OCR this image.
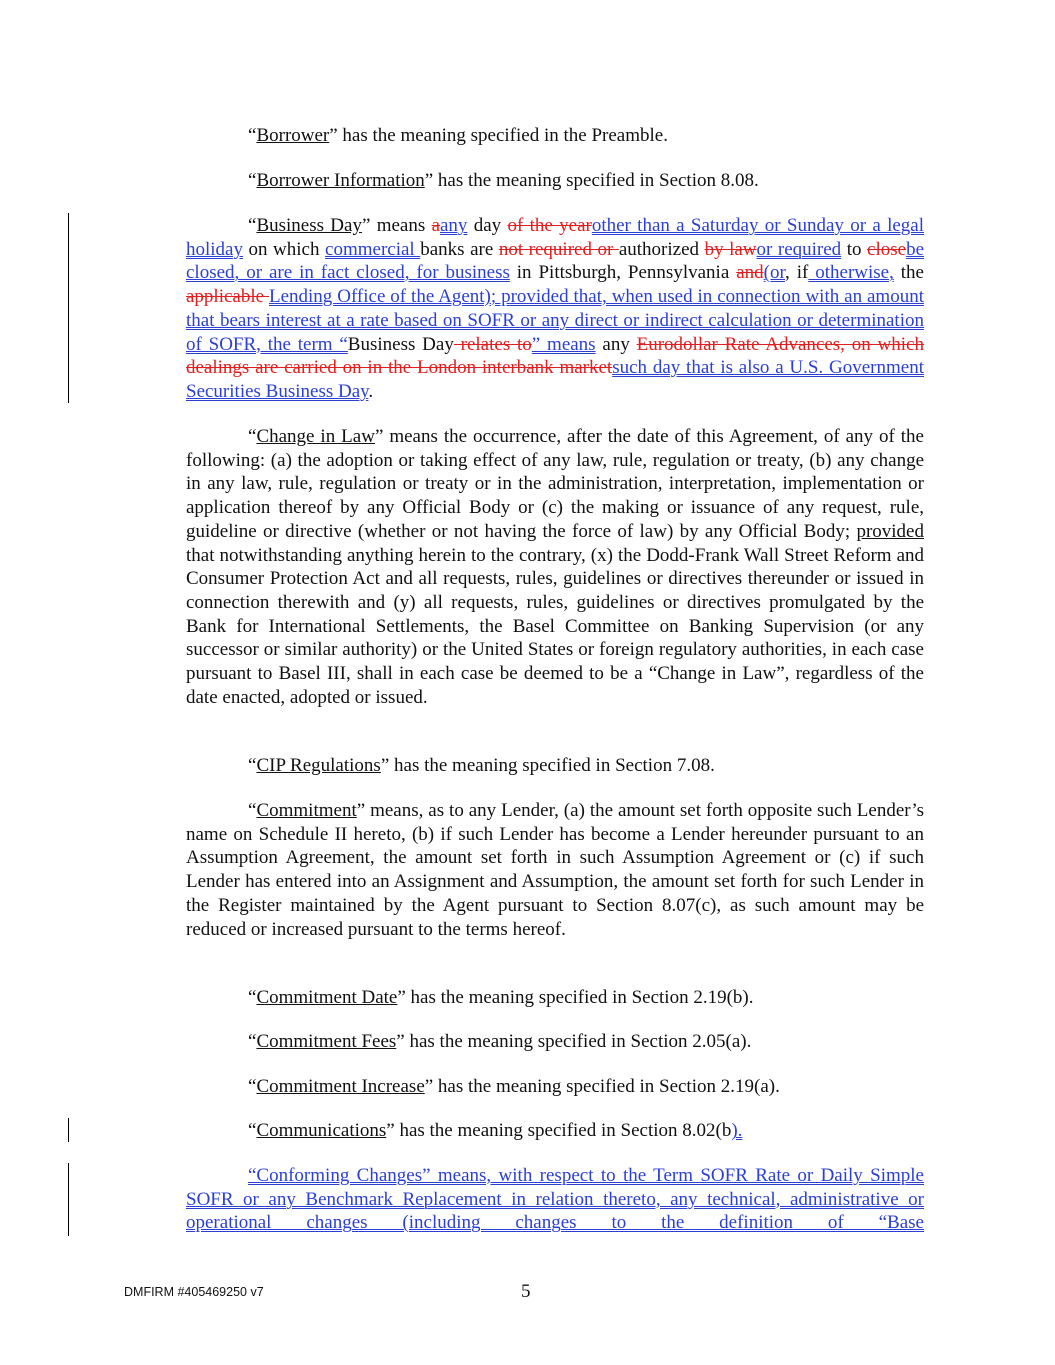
“Borrower” has the meaning specified in the Preamble.

“Borrower Information” has the meaning specified in Section 8.08.

“Business Day” means aany day of the yearother than a Saturday or Sunday or a legal holiday on which commercial banks are not required or authorized by lawor required to closebe closed, or are in fact closed, for business in Pittsburgh, Pennsylvania and(or, if otherwise, the applicable Lending Office of the Agent); provided that, when used in connection with an amount that bears interest at a rate based on SOFR or any direct or indirect calculation or determination of SOFR, the term “Business Day relates to” means any Eurodollar Rate Advances, on which dealings are carried on in the London interbank marketsuch day that is also a U.S. Government Securities Business Day.

“Change in Law” means the occurrence, after the date of this Agreement, of any of the following: (a) the adoption or taking effect of any law, rule, regulation or treaty, (b) any change in any law, rule, regulation or treaty or in the administration, interpretation, implementation or application thereof by any Official Body or (c) the making or issuance of any request, rule, guideline or directive (whether or not having the force of law) by any Official Body; provided that notwithstanding anything herein to the contrary, (x) the Dodd-Frank Wall Street Reform and Consumer Protection Act and all requests, rules, guidelines or directives thereunder or issued in connection therewith and (y) all requests, rules, guidelines or directives promulgated by the Bank for International Settlements, the Basel Committee on Banking Supervision (or any successor or similar authority) or the United States or foreign regulatory authorities, in each case pursuant to Basel III, shall in each case be deemed to be a “Change in Law”, regardless of the date enacted, adopted or issued.

“CIP Regulations” has the meaning specified in Section 7.08.

“Commitment” means, as to any Lender, (a) the amount set forth opposite such Lender’s name on Schedule II hereto, (b) if such Lender has become a Lender hereunder pursuant to an Assumption Agreement, the amount set forth in such Assumption Agreement or (c) if such Lender has entered into an Assignment and Assumption, the amount set forth for such Lender in the Register maintained by the Agent pursuant to Section 8.07(c), as such amount may be reduced or increased pursuant to the terms hereof.

“Commitment Date” has the meaning specified in Section 2.19(b).

“Commitment Fees” has the meaning specified in Section 2.05(a).

“Commitment Increase” has the meaning specified in Section 2.19(a).

“Communications” has the meaning specified in Section 8.02(b).

“Conforming Changes” means, with respect to the Term SOFR Rate or Daily Simple SOFR or any Benchmark Replacement in relation thereto, any technical, administrative or operational changes (including changes to the definition of “Base

DMFIRM #405469250 v7	5
